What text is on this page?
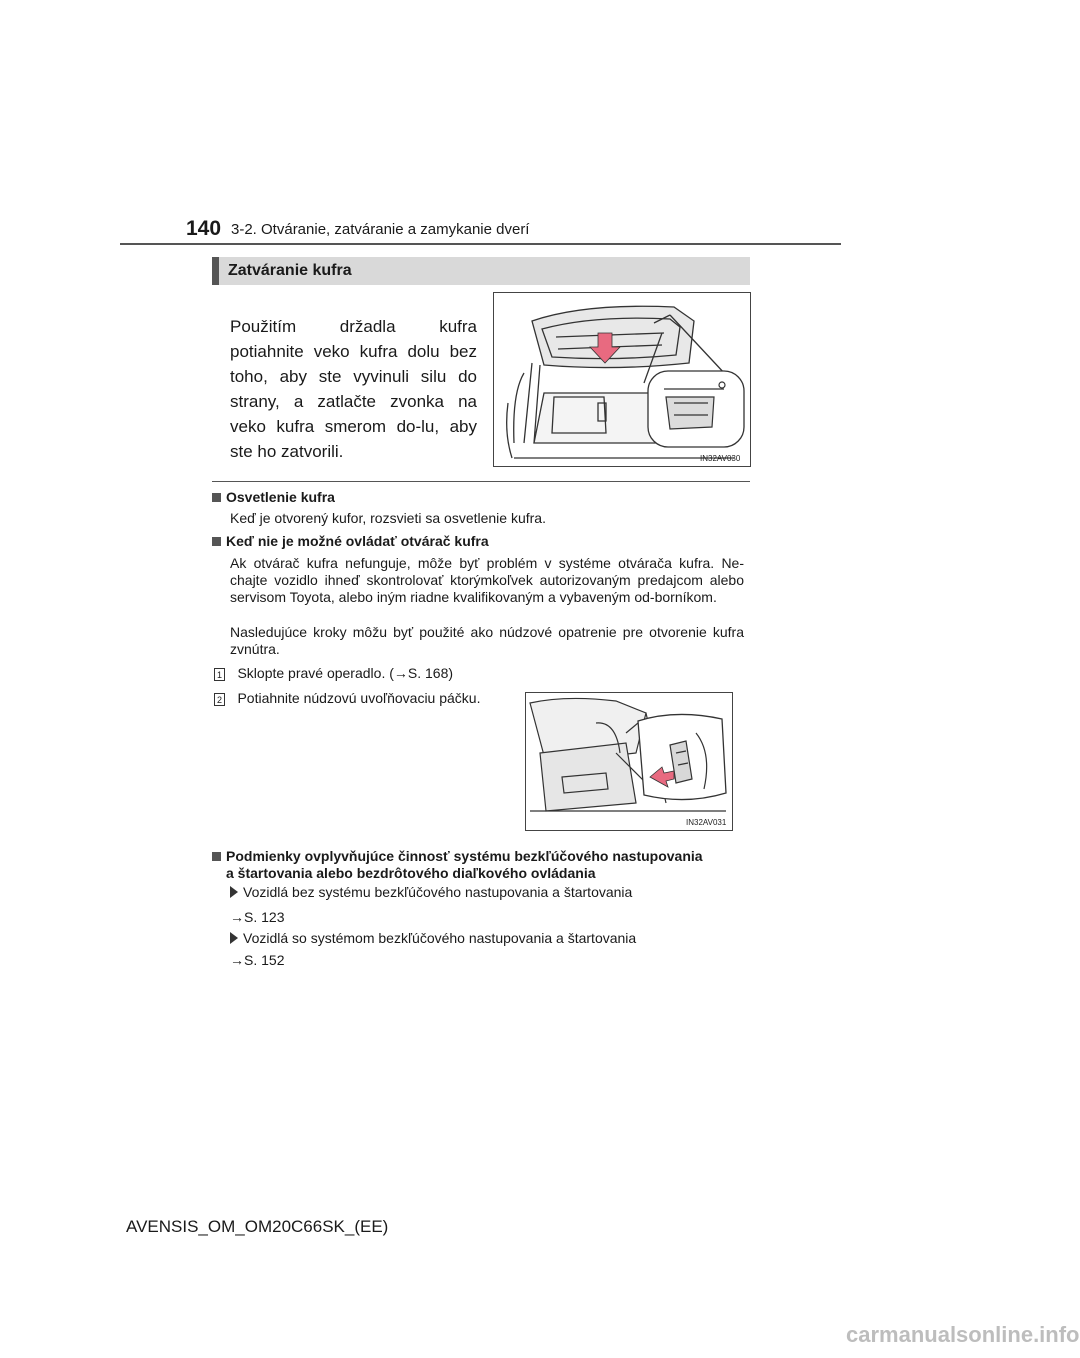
140 3-2. Otváranie, zatváranie a zamykanie dverí
Zatváranie kufra
Použitím držadla kufra potiahnite veko kufra dolu bez toho, aby ste vyvinuli silu do strany, a zatlačte zvonka na veko kufra smerom do-lu, aby ste ho zatvorili.	IN32AV030
Osvetlenie kufra
Keď je otvorený kufor, rozsvieti sa osvetlenie kufra.
Keď nie je možné ovládať otvárač kufra
Ak otvárač kufra nefunguje, môže byť problém v systéme otvárača kufra. Ne-chajte vozidlo ihneď skontrolovať ktorýmkoľvek autorizovaným predajcom alebo servisom Toyota, alebo iným riadne kvalifikovaným a vybaveným od-borníkom.
Nasledujúce kroky môžu byť použité ako núdzové opatrenie pre otvorenie kufra zvnútra.
1 Sklopte pravé operadlo. (→S. 168)
2 Potiahnite núdzovú uvoľňovaciu páčku.
IN32AV031
Podmienky ovplyvňujúce činnosť systému bezkľúčového nastupovania
a štartovania alebo bezdrôtového diaľkového ovládania
Vozidlá bez systému bezkľúčového nastupovania a štartovania
→S. 123
Vozidlá so systémom bezkľúčového nastupovania a štartovania
→S. 152
AVENSIS_OM_OM20C66SK_(EE)
carmanualsonline.info
